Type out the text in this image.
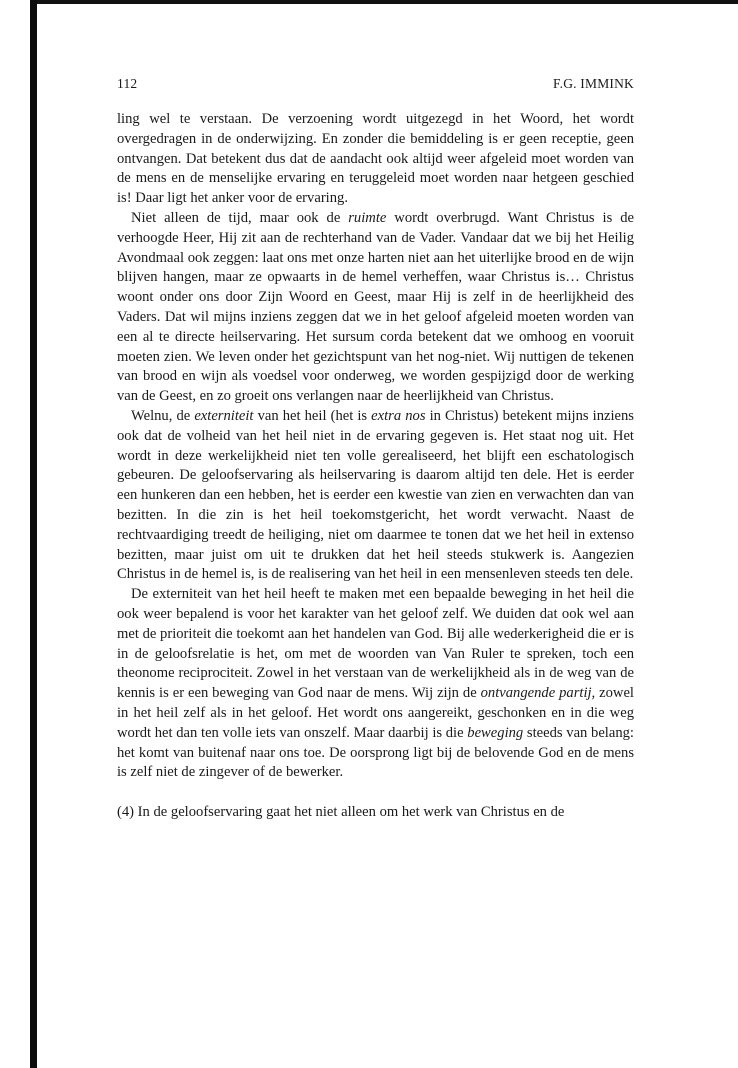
112	F.G. IMMINK

ling wel te verstaan. De verzoening wordt uitgezegd in het Woord, het wordt overgedragen in de onderwijzing. En zonder die bemiddeling is er geen receptie, geen ontvangen. Dat betekent dus dat de aandacht ook altijd weer afgeleid moet worden van de mens en de menselijke ervaring en teruggeleid moet worden naar hetgeen geschied is! Daar ligt het anker voor de ervaring.

Niet alleen de tijd, maar ook de ruimte wordt overbrugd. Want Christus is de verhoogde Heer, Hij zit aan de rechterhand van de Vader. Vandaar dat we bij het Heilig Avondmaal ook zeggen: laat ons met onze harten niet aan het uiterlijke brood en de wijn blijven hangen, maar ze opwaarts in de hemel verheffen, waar Christus is… Christus woont onder ons door Zijn Woord en Geest, maar Hij is zelf in de heerlijkheid des Vaders. Dat wil mijns inziens zeggen dat we in het geloof afgeleid moeten worden van een al te directe heilservaring. Het sursum corda betekent dat we omhoog en vooruit moeten zien. We leven onder het gezichtspunt van het nog-niet. Wij nuttigen de tekenen van brood en wijn als voedsel voor onderweg, we worden gespijzigd door de werking van de Geest, en zo groeit ons verlangen naar de heerlijkheid van Christus.

Welnu, de externiteit van het heil (het is extra nos in Christus) betekent mijns inziens ook dat de volheid van het heil niet in de ervaring gegeven is. Het staat nog uit. Het wordt in deze werkelijkheid niet ten volle gerealiseerd, het blijft een eschatologisch gebeuren. De geloofservaring als heilservaring is daarom altijd ten dele. Het is eerder een hunkeren dan een hebben, het is eerder een kwestie van zien en verwachten dan van bezitten. In die zin is het heil toekomstgericht, het wordt verwacht. Naast de rechtvaardiging treedt de heiliging, niet om daarmee te tonen dat we het heil in extenso bezitten, maar juist om uit te drukken dat het heil steeds stukwerk is. Aangezien Christus in de hemel is, is de realisering van het heil in een mensenleven steeds ten dele.

De externiteit van het heil heeft te maken met een bepaalde beweging in het heil die ook weer bepalend is voor het karakter van het geloof zelf. We duiden dat ook wel aan met de prioriteit die toekomt aan het handelen van God. Bij alle wederkerigheid die er is in de geloofsrelatie is het, om met de woorden van Van Ruler te spreken, toch een theonome reciprociteit. Zowel in het verstaan van de werkelijkheid als in de weg van de kennis is er een beweging van God naar de mens. Wij zijn de ontvangende partij, zowel in het heil zelf als in het geloof. Het wordt ons aangereikt, geschonken en in die weg wordt het dan ten volle iets van onszelf. Maar daarbij is die beweging steeds van belang: het komt van buitenaf naar ons toe. De oorsprong ligt bij de belovende God en de mens is zelf niet de zingever of de bewerker.

(4) In de geloofservaring gaat het niet alleen om het werk van Christus en de
